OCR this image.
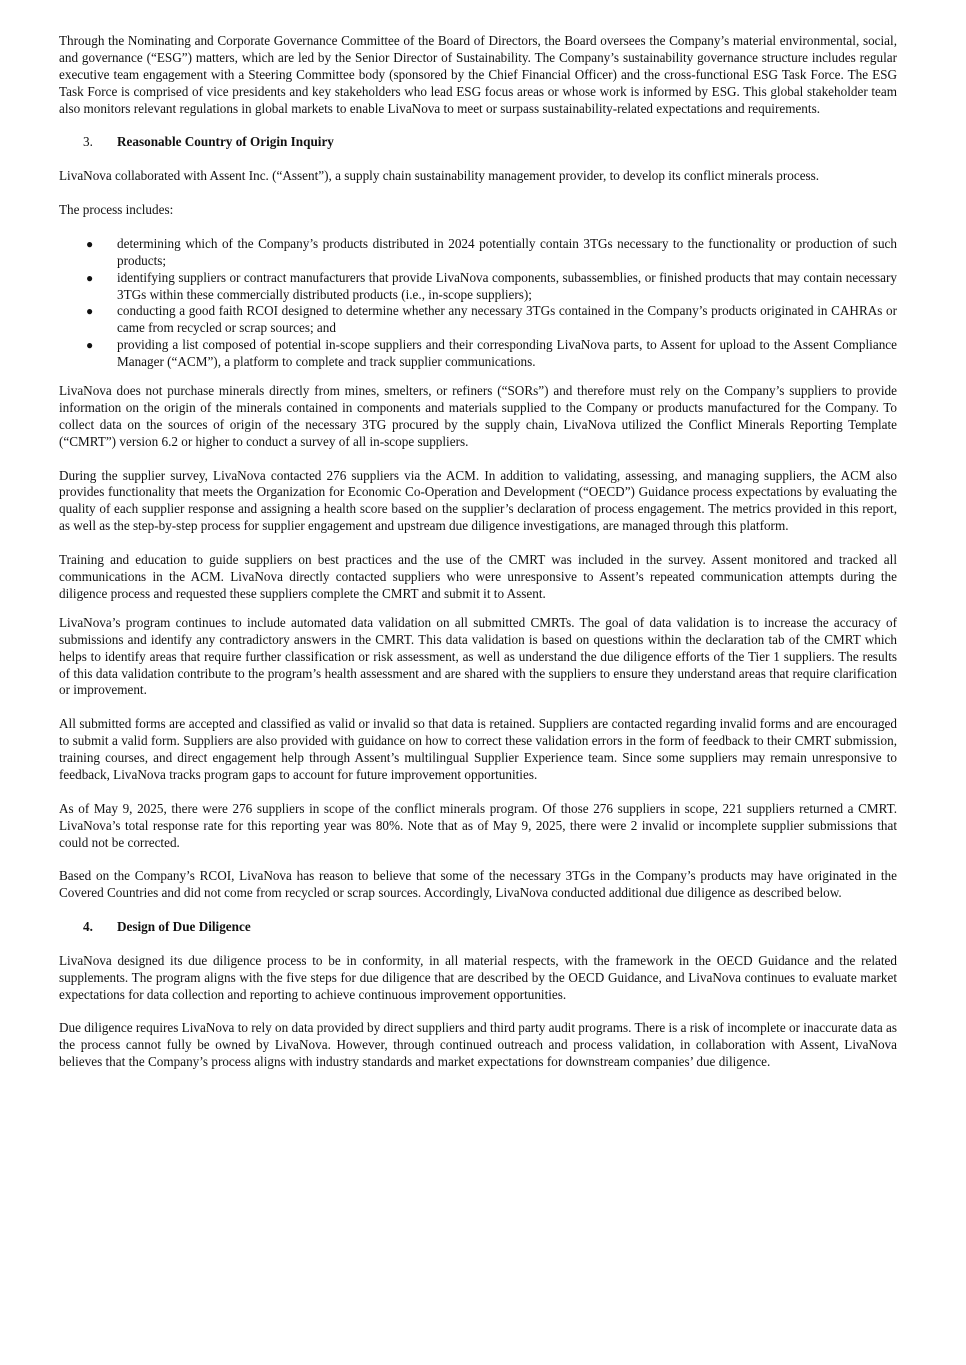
Through the Nominating and Corporate Governance Committee of the Board of Directors, the Board oversees the Company’s material environmental, social, and governance (“ESG”) matters, which are led by the Senior Director of Sustainability. The Company’s sustainability governance structure includes regular executive team engagement with a Steering Committee body (sponsored by the Chief Financial Officer) and the cross-functional ESG Task Force. The ESG Task Force is comprised of vice presidents and key stakeholders who lead ESG focus areas or whose work is informed by ESG. This global stakeholder team also monitors relevant regulations in global markets to enable LivaNova to meet or surpass sustainability-related expectations and requirements.

3.	Reasonable Country of Origin Inquiry

LivaNova collaborated with Assent Inc. (“Assent”), a supply chain sustainability management provider, to develop its conflict minerals process.

The process includes:

● determining which of the Company’s products distributed in 2024 potentially contain 3TGs necessary to the functionality or production of such products;
● identifying suppliers or contract manufacturers that provide LivaNova components, subassemblies, or finished products that may contain necessary 3TGs within these commercially distributed products (i.e., in-scope suppliers);
● conducting a good faith RCOI designed to determine whether any necessary 3TGs contained in the Company’s products originated in CAHRAs or came from recycled or scrap sources; and
● providing a list composed of potential in-scope suppliers and their corresponding LivaNova parts, to Assent for upload to the Assent Compliance Manager (“ACM”), a platform to complete and track supplier communications.

LivaNova does not purchase minerals directly from mines, smelters, or refiners (“SORs”) and therefore must rely on the Company’s suppliers to provide information on the origin of the minerals contained in components and materials supplied to the Company or products manufactured for the Company. To collect data on the sources of origin of the necessary 3TG procured by the supply chain, LivaNova utilized the Conflict Minerals Reporting Template (“CMRT”) version 6.2 or higher to conduct a survey of all in-scope suppliers.

During the supplier survey, LivaNova contacted 276 suppliers via the ACM. In addition to validating, assessing, and managing suppliers, the ACM also provides functionality that meets the Organization for Economic Co-Operation and Development (“OECD”) Guidance process expectations by evaluating the quality of each supplier response and assigning a health score based on the supplier’s declaration of process engagement. The metrics provided in this report, as well as the step-by-step process for supplier engagement and upstream due diligence investigations, are managed through this platform.

Training and education to guide suppliers on best practices and the use of the CMRT was included in the survey. Assent monitored and tracked all communications in the ACM. LivaNova directly contacted suppliers who were unresponsive to Assent’s repeated communication attempts during the diligence process and requested these suppliers complete the CMRT and submit it to Assent.

LivaNova’s program continues to include automated data validation on all submitted CMRTs. The goal of data validation is to increase the accuracy of submissions and identify any contradictory answers in the CMRT. This data validation is based on questions within the declaration tab of the CMRT which helps to identify areas that require further classification or risk assessment, as well as understand the due diligence efforts of the Tier 1 suppliers. The results of this data validation contribute to the program’s health assessment and are shared with the suppliers to ensure they understand areas that require clarification or improvement.

All submitted forms are accepted and classified as valid or invalid so that data is retained. Suppliers are contacted regarding invalid forms and are encouraged to submit a valid form. Suppliers are also provided with guidance on how to correct these validation errors in the form of feedback to their CMRT submission, training courses, and direct engagement help through Assent’s multilingual Supplier Experience team. Since some suppliers may remain unresponsive to feedback, LivaNova tracks program gaps to account for future improvement opportunities.

As of May 9, 2025, there were 276 suppliers in scope of the conflict minerals program. Of those 276 suppliers in scope, 221 suppliers returned a CMRT. LivaNova’s total response rate for this reporting year was 80%. Note that as of May 9, 2025, there were 2 invalid or incomplete supplier submissions that could not be corrected.

Based on the Company’s RCOI, LivaNova has reason to believe that some of the necessary 3TGs in the Company’s products may have originated in the Covered Countries and did not come from recycled or scrap sources. Accordingly, LivaNova conducted additional due diligence as described below.

4.	Design of Due Diligence

LivaNova designed its due diligence process to be in conformity, in all material respects, with the framework in the OECD Guidance and the related supplements. The program aligns with the five steps for due diligence that are described by the OECD Guidance, and LivaNova continues to evaluate market expectations for data collection and reporting to achieve continuous improvement opportunities.

Due diligence requires LivaNova to rely on data provided by direct suppliers and third party audit programs. There is a risk of incomplete or inaccurate data as the process cannot fully be owned by LivaNova. However, through continued outreach and process validation, in collaboration with Assent, LivaNova believes that the Company’s process aligns with industry standards and market expectations for downstream companies’ due diligence.
